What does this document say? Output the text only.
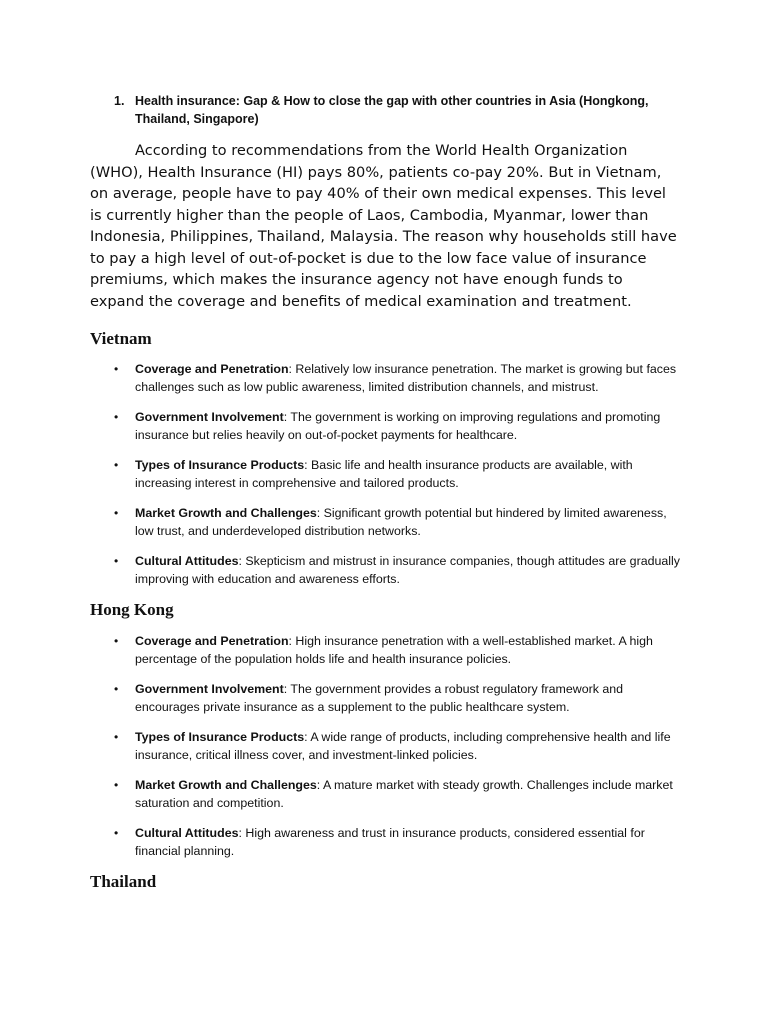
1. Health insurance: Gap & How to close the gap with other countries in Asia (Hongkong, Thailand, Singapore)

According to recommendations from the World Health Organization (WHO), Health Insurance (HI) pays 80%, patients co-pay 20%. But in Vietnam, on average, people have to pay 40% of their own medical expenses. This level is currently higher than the people of Laos, Cambodia, Myanmar, lower than Indonesia, Philippines, Thailand, Malaysia. The reason why households still have to pay a high level of out-of-pocket is due to the low face value of insurance premiums, which makes the insurance agency not have enough funds to expand the coverage and benefits of medical examination and treatment.

Vietnam
• Coverage and Penetration: Relatively low insurance penetration. The market is growing but faces challenges such as low public awareness, limited distribution channels, and mistrust.
• Government Involvement: The government is working on improving regulations and promoting insurance but relies heavily on out-of-pocket payments for healthcare.
• Types of Insurance Products: Basic life and health insurance products are available, with increasing interest in comprehensive and tailored products.
• Market Growth and Challenges: Significant growth potential but hindered by limited awareness, low trust, and underdeveloped distribution networks.
• Cultural Attitudes: Skepticism and mistrust in insurance companies, though attitudes are gradually improving with education and awareness efforts.
Hong Kong
• Coverage and Penetration: High insurance penetration with a well-established market. A high percentage of the population holds life and health insurance policies.
• Government Involvement: The government provides a robust regulatory framework and encourages private insurance as a supplement to the public healthcare system.
• Types of Insurance Products: A wide range of products, including comprehensive health and life insurance, critical illness cover, and investment-linked policies.
• Market Growth and Challenges: A mature market with steady growth. Challenges include market saturation and competition.
• Cultural Attitudes: High awareness and trust in insurance products, considered essential for financial planning.
Thailand
